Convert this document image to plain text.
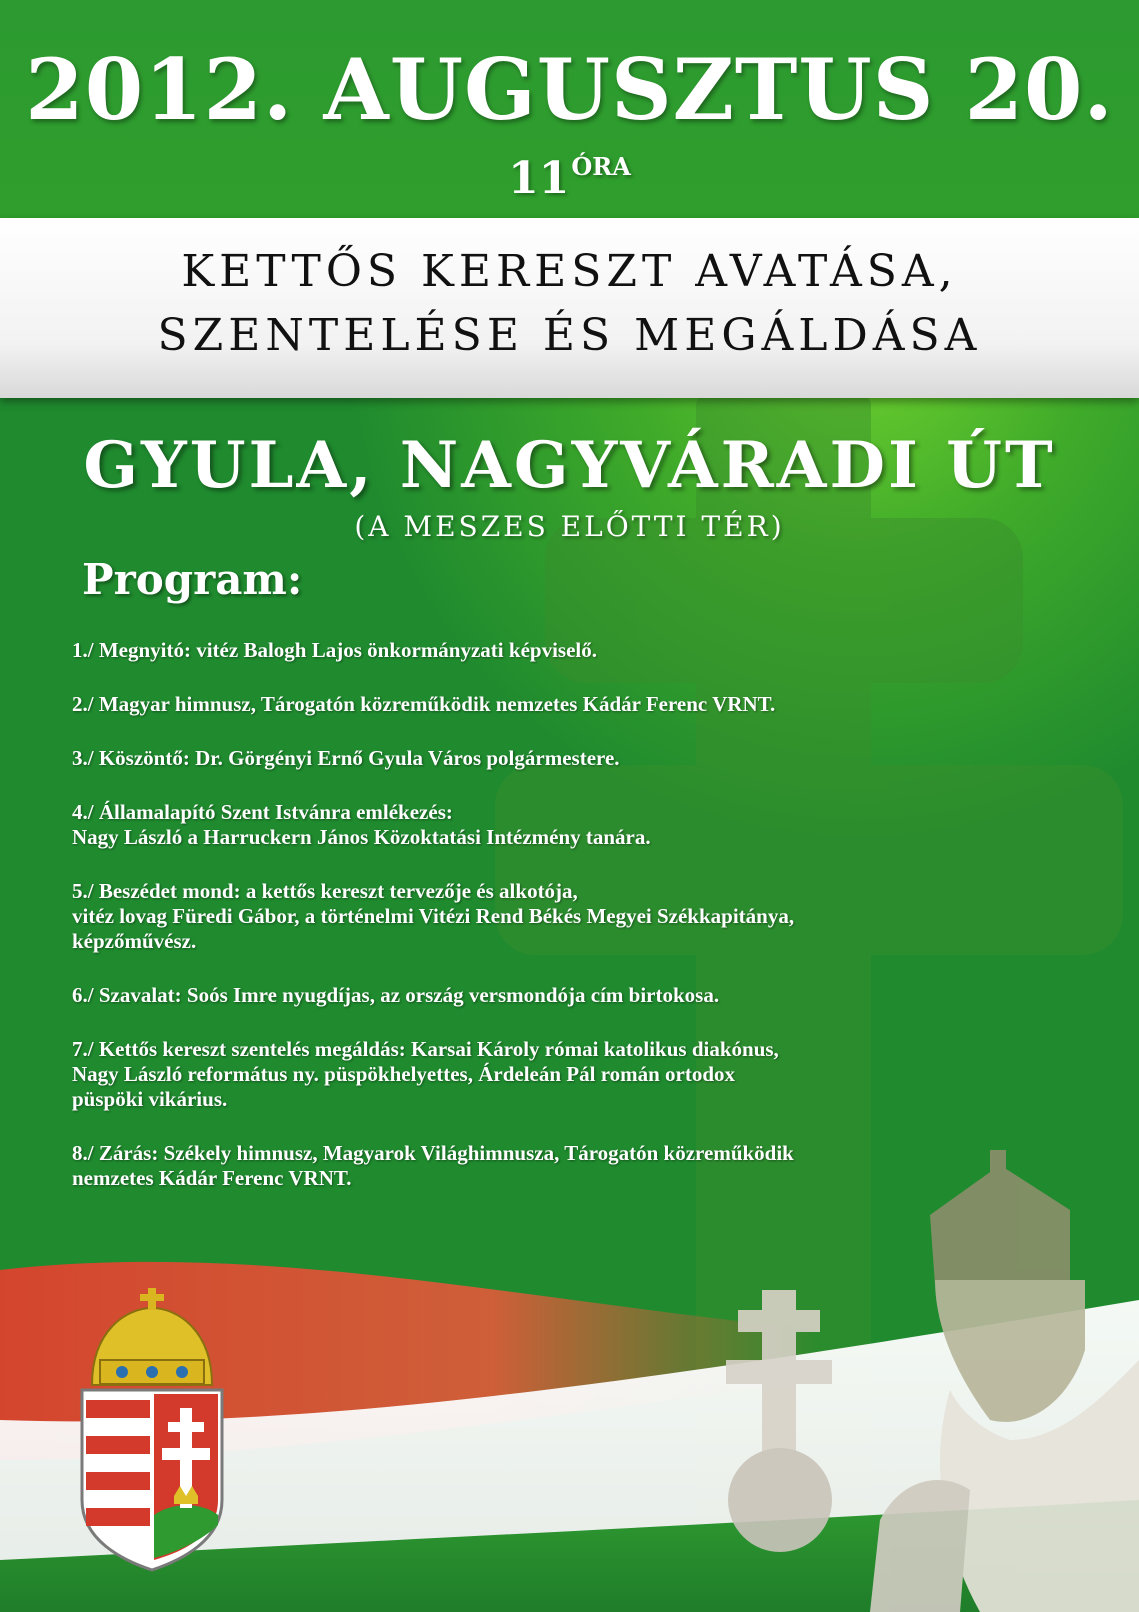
2012. AUGUSZTUS 20.
$11^{ÓRA}$
KETTŐS KERESZT AVATÁSA,
SZENTELÉSE ÉS MEGÁLDÁSA
GYULA, NAGYVÁRADI ÚT
(A MESZES ELŐTTI TÉR)
Program:
1./ Megnyitó: vitéz Balogh Lajos önkormányzati képviselő.
2./ Magyar himnusz, Tárogatón közreműködik nemzetes Kádár Ferenc VRNT.
3./ Köszöntő: Dr. Görgényi Ernő Gyula Város polgármestere.
4./ Államalapító Szent Istvánra emlékezés:
Nagy László a Harruckern János Közoktatási Intézmény tanára.
5./ Beszédet mond: a kettős kereszt tervezője és alkotója,
vitéz lovag Füredi Gábor, a történelmi Vitézi Rend Békés Megyei Székkapitánya,
képzőművész.
6./ Szavalat: Soós Imre nyugdíjas, az ország versmondója cím birtokosa.
7./ Kettős kereszt szentelés megáldás: Karsai Károly római katolikus diakónus,
Nagy László református ny. püspökhelyettes, Árdeleán Pál román ortodox
püspöki vikárius.
8./ Zárás: Székely himnusz, Magyarok Világhimnusza, Tárogatón közreműködik
nemzetes Kádár Ferenc VRNT.
